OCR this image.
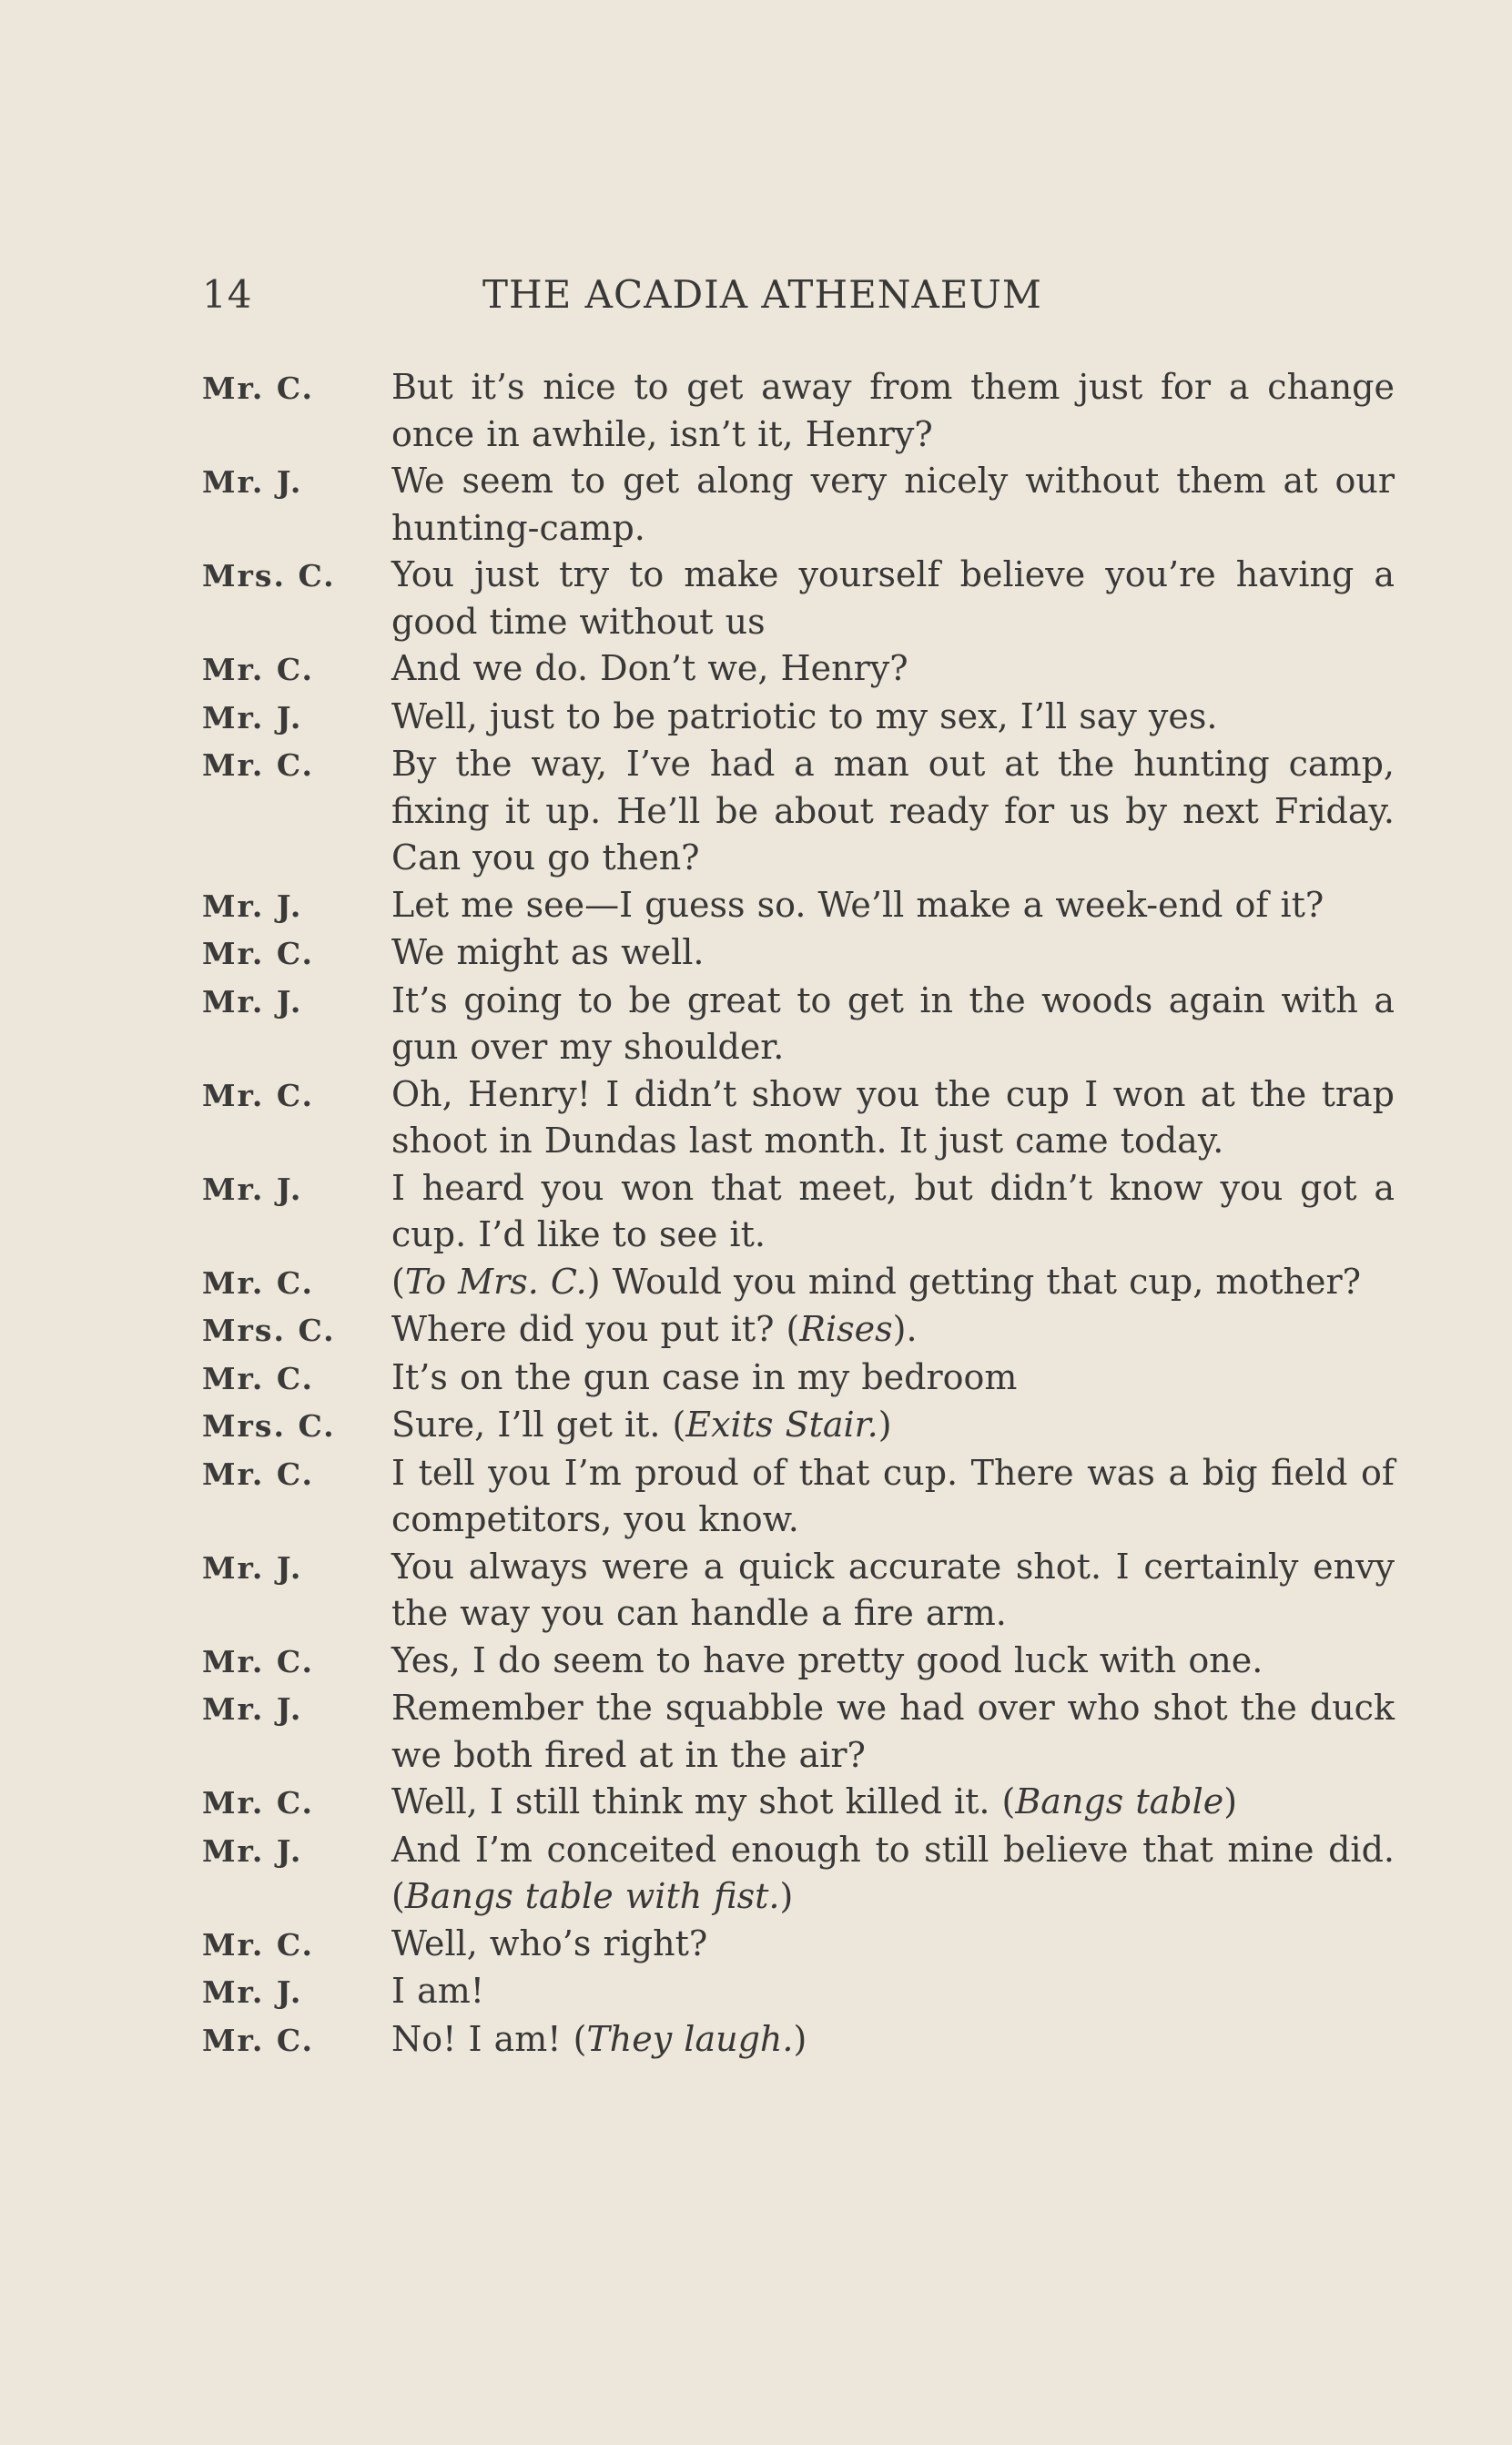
14	THE ACADIA ATHENAEUM
Mr. C.	But it’s nice to get away from them just for a change once in awhile, isn’t it, Henry?
Mr. J.	We seem to get along very nicely without them at our hunting-camp.
Mrs. C.	You just try to make yourself believe you’re having a good time without us
Mr. C.	And we do. Don’t we, Henry?
Mr. J.	Well, just to be patriotic to my sex, I’ll say yes.
Mr. C.	By the way, I’ve had a man out at the hunting camp, fixing it up. He’ll be about ready for us by next Friday. Can you go then?
Mr. J.	Let me see—I guess so. We’ll make a week-end of it?
Mr. C.	We might as well.
Mr. J.	It’s going to be great to get in the woods again with a gun over my shoulder.
Mr. C.	Oh, Henry! I didn’t show you the cup I won at the trap shoot in Dundas last month. It just came today.
Mr. J.	I heard you won that meet, but didn’t know you got a cup. I’d like to see it.
Mr. C.	(To Mrs. C.) Would you mind getting that cup, mother?
Mrs. C.	Where did you put it? (Rises).
Mr. C.	It’s on the gun case in my bedroom
Mrs. C.	Sure, I’ll get it. (Exits Stair.)
Mr. C.	I tell you I’m proud of that cup. There was a big field of competitors, you know.
Mr. J.	You always were a quick accurate shot. I certainly envy the way you can handle a fire arm.
Mr. C.	Yes, I do seem to have pretty good luck with one.
Mr. J.	Remember the squabble we had over who shot the duck we both fired at in the air?
Mr. C.	Well, I still think my shot killed it. (Bangs table)
Mr. J.	And I’m conceited enough to still believe that mine did. (Bangs table with fist.)
Mr. C.	Well, who’s right?
Mr. J.	I am!
Mr. C.	No! I am! (They laugh.)
